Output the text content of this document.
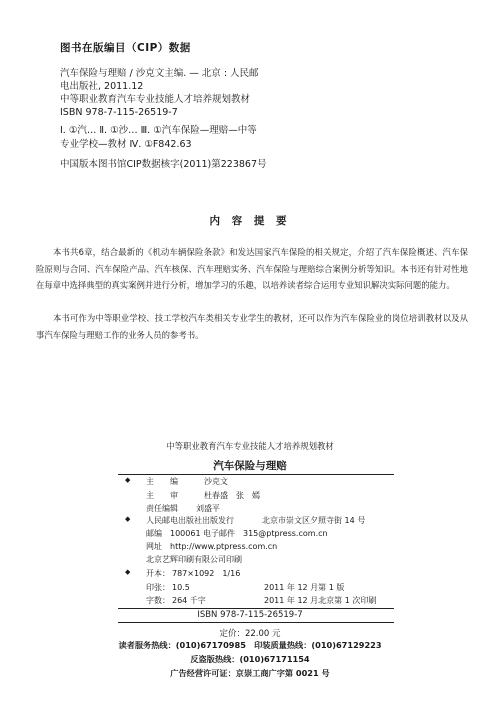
图书在版编目（CIP）数据
汽车保险与理赔 / 沙克文主编. — 北京 : 人民邮
电出版社, 2011.12
中等职业教育汽车专业技能人才培养规划教材
ISBN 978-7-115-26519-7
Ⅰ. ①汽… Ⅱ. ①沙… Ⅲ. ①汽车保险—理赔—中等
专业学校—教材 Ⅳ. ①F842.63
中国版本图书馆CIP数据核字(2011)第223867号
内 容 提 要
本书共6章，结合最新的《机动车辆保险条款》和发达国家汽车保险的相关规定，介绍了汽车保险概述、汽车保险原则与合同、汽车保险产品、汽车核保、汽车理赔实务、汽车保险与理赔综合案例分析等知识。本书还有针对性地在每章中选择典型的真实案例并进行分析，增加学习的乐趣，以培养读者综合运用专业知识解决实际问题的能力。
本书可作为中等职业学校、技工学校汽车类相关专业学生的教材，还可以作为汽车保险业的岗位培训教材以及从事汽车保险与理赔工作的业务人员的参考书。
中等职业教育汽车专业技能人才培养规划教材
汽车保险与理赔
◆ 主　　编	沙克文
主　　审	杜春盛　张　嫣
责任编辑 刘盛平
◆ 人民邮电出版社出版发行	北京市崇文区夕照寺街 14 号
邮编 100061 电子邮件 315@ptpress.com.cn
网址 http://www.ptpress.com.cn
北京艺辉印刷有限公司印刷
◆ 开本： 787×1092　1/16
印张： 10.5	2011 年 12 月第 1 版
字数： 264 千字	2011 年 12 月北京第 1 次印刷
ISBN 978-7-115-26519-7
定价：22.00 元
读者服务热线：(010)67170985　印装质量热线：(010)67129223
反盗版热线：(010)67171154
广告经营许可证：京崇工商广字第 0021 号
